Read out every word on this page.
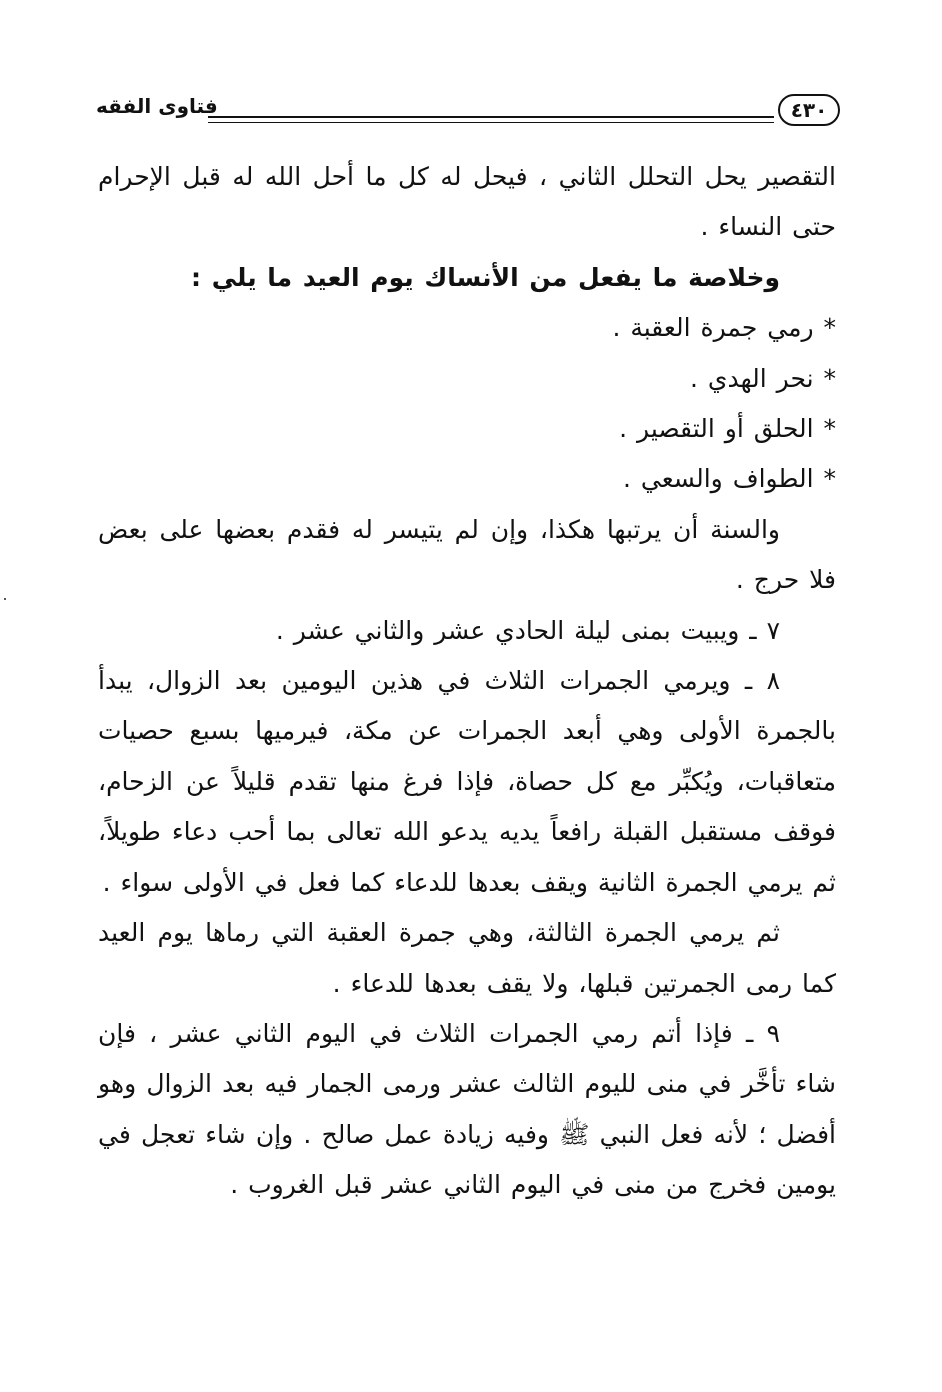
فتاوى الفقه	٤٣٠

التقصير يحل التحلل الثاني ، فيحل له كل ما أحل الله له قبل الإحرام حتى النساء .

وخلاصة ما يفعل من الأنساك يوم العيد ما يلي :

* رمي جمرة العقبة .

* نحر الهدي .

* الحلق أو التقصير .

* الطواف والسعي .

والسنة أن يرتبها هكذا، وإن لم يتيسر له فقدم بعضها على بعض فلا حرج .

٧ ـ ويبيت بمنى ليلة الحادي عشر والثاني عشر .

٨ ـ ويرمي الجمرات الثلاث في هذين اليومين بعد الزوال، يبدأ بالجمرة الأولى وهي أبعد الجمرات عن مكة، فيرميها بسبع حصيات متعاقبات، ويُكبِّر مع كل حصاة، فإذا فرغ منها تقدم قليلاً عن الزحام، فوقف مستقبل القبلة رافعاً يديه يدعو الله تعالى بما أحب دعاء طويلاً، ثم يرمي الجمرة الثانية ويقف بعدها للدعاء كما فعل في الأولى سواء .

ثم يرمي الجمرة الثالثة، وهي جمرة العقبة التي رماها يوم العيد كما رمى الجمرتين قبلها، ولا يقف بعدها للدعاء .

٩ ـ فإذا أتم رمي الجمرات الثلاث في اليوم الثاني عشر ، فإن شاء تأخَّر في منى لليوم الثالث عشر ورمى الجمار فيه بعد الزوال وهو أفضل ؛ لأنه فعل النبي ﷺ وفيه زيادة عمل صالح . وإن شاء تعجل في يومين فخرج من منى في اليوم الثاني عشر قبل الغروب .
